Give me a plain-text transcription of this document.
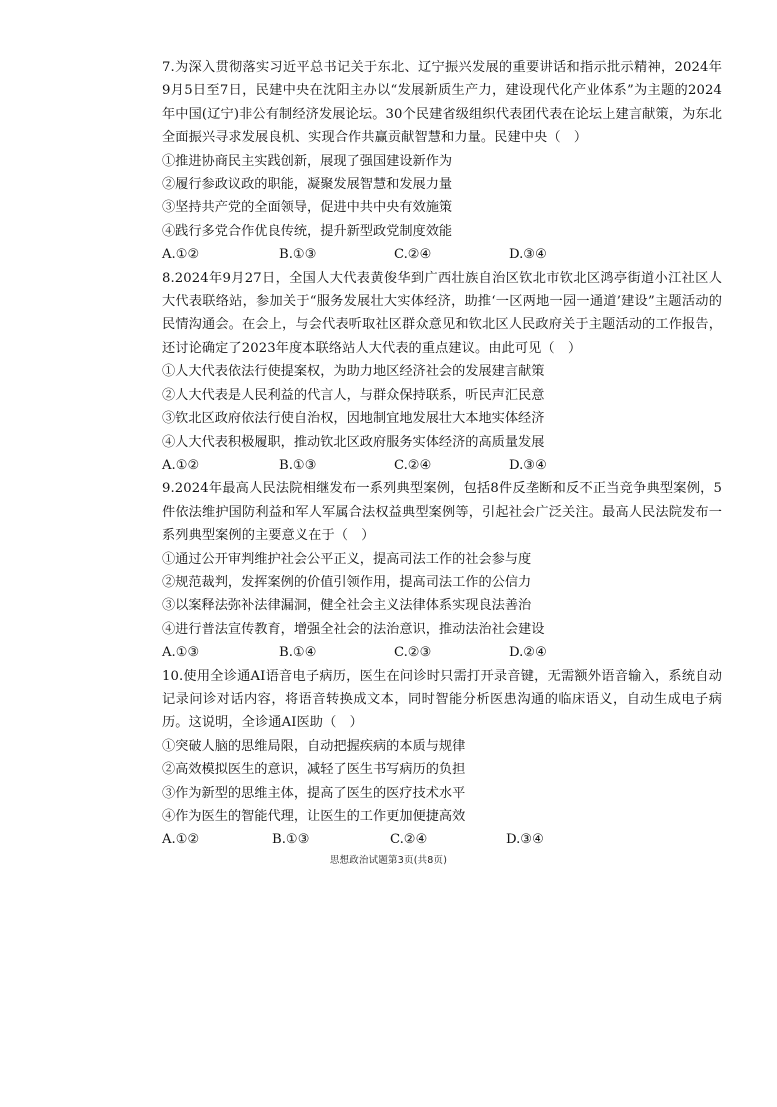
7.为深入贯彻落实习近平总书记关于东北、辽宁振兴发展的重要讲话和指示批示精神，2024年9月5日至7日，民建中央在沈阳主办以“发展新质生产力，建设现代化产业体系”为主题的2024年中国(辽宁)非公有制经济发展论坛。30个民建省级组织代表团代表在论坛上建言献策，为东北全面振兴寻求发展良机、实现合作共赢贡献智慧和力量。民建中央（　）

①推进协商民主实践创新，展现了强国建设新作为

②履行参政议政的职能，凝聚发展智慧和发展力量

③坚持共产党的全面领导，促进中共中央有效施策

④践行多党合作优良传统，提升新型政党制度效能

A.①②	B.①③	C.②④	D.③④

8.2024年9月27日，全国人大代表黄俊华到广西壮族自治区钦北市钦北区鸿亭街道小江社区人大代表联络站，参加关于“服务发展壮大实体经济，助推‘一区两地一园一通道’建设”主题活动的民情沟通会。在会上，与会代表听取社区群众意见和钦北区人民政府关于主题活动的工作报告，还讨论确定了2023年度本联络站人大代表的重点建议。由此可见（　）

①人大代表依法行使提案权，为助力地区经济社会的发展建言献策

②人大代表是人民利益的代言人，与群众保持联系，听民声汇民意

③钦北区政府依法行使自治权，因地制宜地发展壮大本地实体经济

④人大代表积极履职，推动钦北区政府服务实体经济的高质量发展

A.①②	B.①③	C.②④	D.③④

9.2024年最高人民法院相继发布一系列典型案例，包括8件反垄断和反不正当竞争典型案例，5件依法维护国防利益和军人军属合法权益典型案例等，引起社会广泛关注。最高人民法院发布一系列典型案例的主要意义在于（　）

①通过公开审判维护社会公平正义，提高司法工作的社会参与度

②规范裁判，发挥案例的价值引领作用，提高司法工作的公信力

③以案释法弥补法律漏洞，健全社会主义法律体系实现良法善治

④进行普法宣传教育，增强全社会的法治意识，推动法治社会建设

A.①③	B.①④	C.②③	D.②④

10.使用全诊通AI语音电子病历，医生在问诊时只需打开录音键，无需额外语音输入，系统自动记录问诊对话内容，将语音转换成文本，同时智能分析医患沟通的临床语义，自动生成电子病历。这说明，全诊通AI医助（　）

①突破人脑的思维局限，自动把握疾病的本质与规律

②高效模拟医生的意识，减轻了医生书写病历的负担

③作为新型的思维主体，提高了医生的医疗技术水平

④作为医生的智能代理，让医生的工作更加便捷高效

A.①②	B.①③	C.②④	D.③④
思想政治试题第3页(共8页)
